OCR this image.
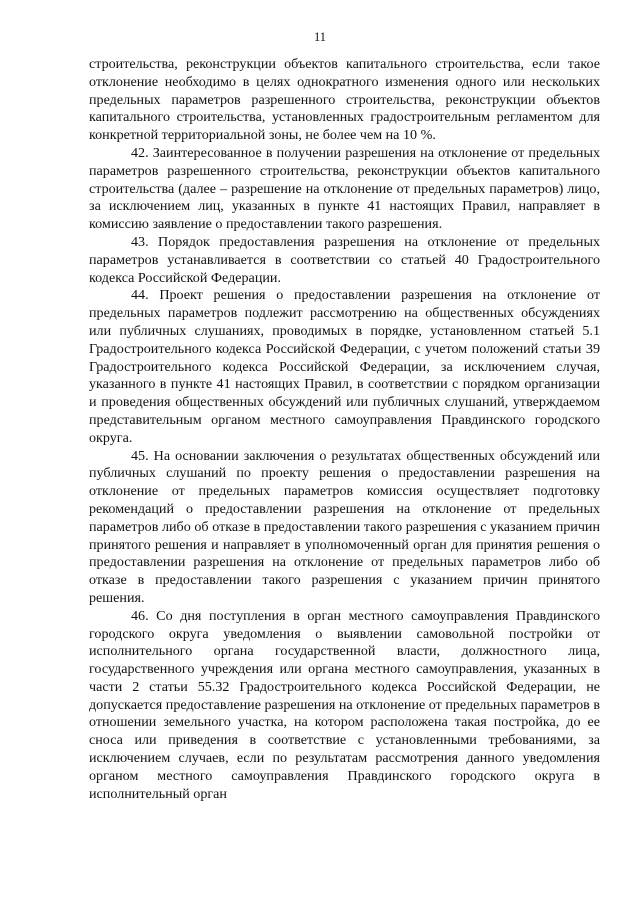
11

строительства, реконструкции объектов капитального строительства, если такое отклонение необходимо в целях однократного изменения одного или нескольких предельных параметров разрешенного строительства, реконструкции объектов капитального строительства, установленных градостроительным регламентом для конкретной территориальной зоны, не более чем на 10 %.

42. Заинтересованное в получении разрешения на отклонение от предельных параметров разрешенного строительства, реконструкции объектов капитального строительства (далее – разрешение на отклонение от предельных параметров) лицо, за исключением лиц, указанных в пункте 41 настоящих Правил, направляет в комиссию заявление о предоставлении такого разрешения.

43. Порядок предоставления разрешения на отклонение от предельных параметров устанавливается в соответствии со статьей 40 Градостроительного кодекса Российской Федерации.

44. Проект решения о предоставлении разрешения на отклонение от предельных параметров подлежит рассмотрению на общественных обсуждениях или публичных слушаниях, проводимых в порядке, установленном статьей 5.1 Градостроительного кодекса Российской Федерации, с учетом положений статьи 39 Градостроительного кодекса Российской Федерации, за исключением случая, указанного в пункте 41 настоящих Правил, в соответствии с порядком организации и проведения общественных обсуждений или публичных слушаний, утверждаемом представительным органом местного самоуправления Правдинского городского округа.

45. На основании заключения о результатах общественных обсуждений или публичных слушаний по проекту решения о предоставлении разрешения на отклонение от предельных параметров комиссия осуществляет подготовку рекомендаций о предоставлении разрешения на отклонение от предельных параметров либо об отказе в предоставлении такого разрешения с указанием причин принятого решения и направляет в уполномоченный орган для принятия решения о предоставлении разрешения на отклонение от предельных параметров либо об отказе в предоставлении такого разрешения с указанием причин принятого решения.

46. Со дня поступления в орган местного самоуправления Правдинского городского округа уведомления о выявлении самовольной постройки от исполнительного органа государственной власти, должностного лица, государственного учреждения или органа местного самоуправления, указанных в части 2 статьи 55.32 Градостроительного кодекса Российской Федерации, не допускается предоставление разрешения на отклонение от предельных параметров в отношении земельного участка, на котором расположена такая постройка, до ее сноса или приведения в соответствие с установленными требованиями, за исключением случаев, если по результатам рассмотрения данного уведомления органом местного самоуправления Правдинского городского округа в исполнительный орган
